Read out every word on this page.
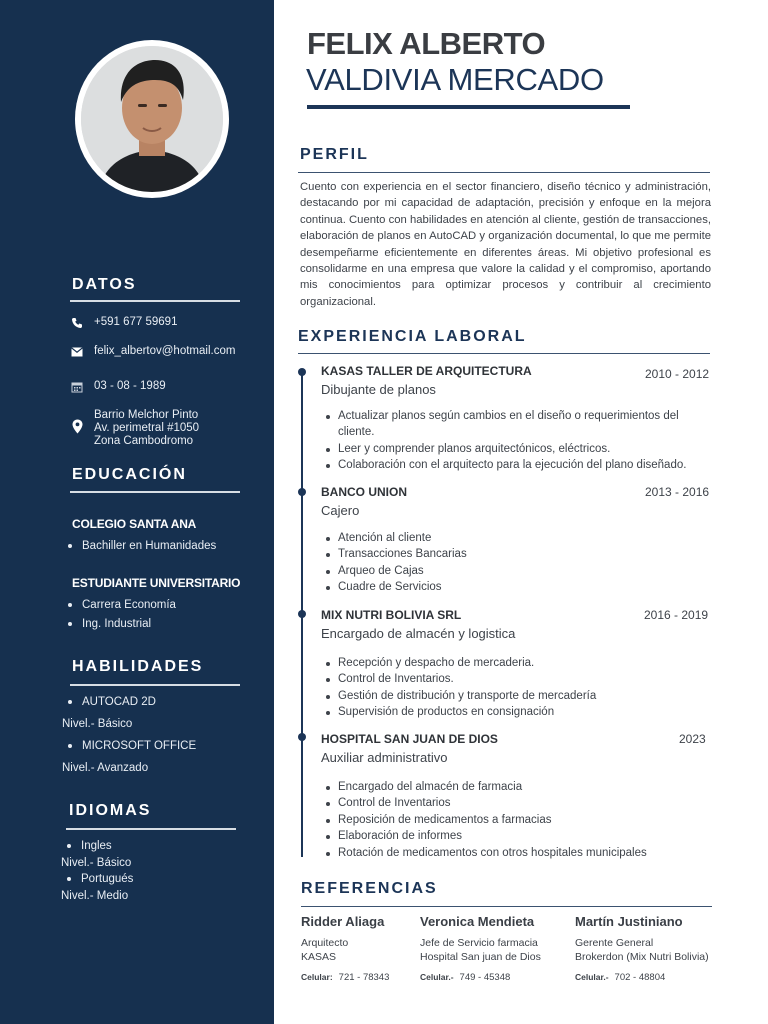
DATOS
+591 677 59691
felix_albertov@hotmail.com
03 - 08 - 1989
Barrio Melchor Pinto
Av. perimetral #1050
Zona Cambodromo
EDUCACIÓN
COLEGIO SANTA ANA
Bachiller en Humanidades
ESTUDIANTE UNIVERSITARIO
Carrera Economía
Ing. Industrial
HABILIDADES
AUTOCAD 2D
Nivel.- Básico
MICROSOFT OFFICE
Nivel.- Avanzado
IDIOMAS
Ingles
Nivel.- Básico
Portugués
Nivel.- Medio
FELIX ALBERTO
VALDIVIA MERCADO
PERFIL
Cuento con experiencia en el sector financiero, diseño técnico y administración, destacando por mi capacidad de adaptación, precisión y enfoque en la mejora continua. Cuento con habilidades en atención al cliente, gestión de transacciones, elaboración de planos en AutoCAD y organización documental, lo que me permite desempeñarme eficientemente en diferentes áreas. Mi objetivo profesional es consolidarme en una empresa que valore la calidad y el compromiso, aportando mis conocimientos para optimizar procesos y contribuir al crecimiento organizacional.
EXPERIENCIA LABORAL
KASAS TALLER DE ARQUITECTURA	2010 - 2012
Dibujante de planos
Actualizar planos según cambios en el diseño o requerimientos del cliente.
Leer y comprender planos arquitectónicos, eléctricos.
Colaboración con el arquitecto para la ejecución del plano diseñado.
BANCO UNION	2013 - 2016
Cajero
Atención al cliente
Transacciones Bancarias
Arqueo de Cajas
Cuadre de Servicios
MIX NUTRI BOLIVIA SRL	2016 - 2019
Encargado de almacén y logistica
Recepción y despacho de mercaderia.
Control de Inventarios.
Gestión de distribución y transporte de mercadería
Supervisión de productos en consignación
HOSPITAL SAN JUAN DE DIOS	2023
Auxiliar administrativo
Encargado del almacén de farmacia
Control de Inventarios
Reposición de medicamentos a farmacias
Elaboración de informes
Rotación de medicamentos con otros hospitales municipales
REFERENCIAS
Ridder Aliaga
Arquitecto
KASAS
Celular: 721 - 78343
Veronica Mendieta
Jefe de Servicio farmacia
Hospital San juan de Dios
Celular.- 749 - 45348
Martín Justiniano
Gerente General
Brokerdon (Mix Nutri Bolivia)
Celular.- 702 - 48804
